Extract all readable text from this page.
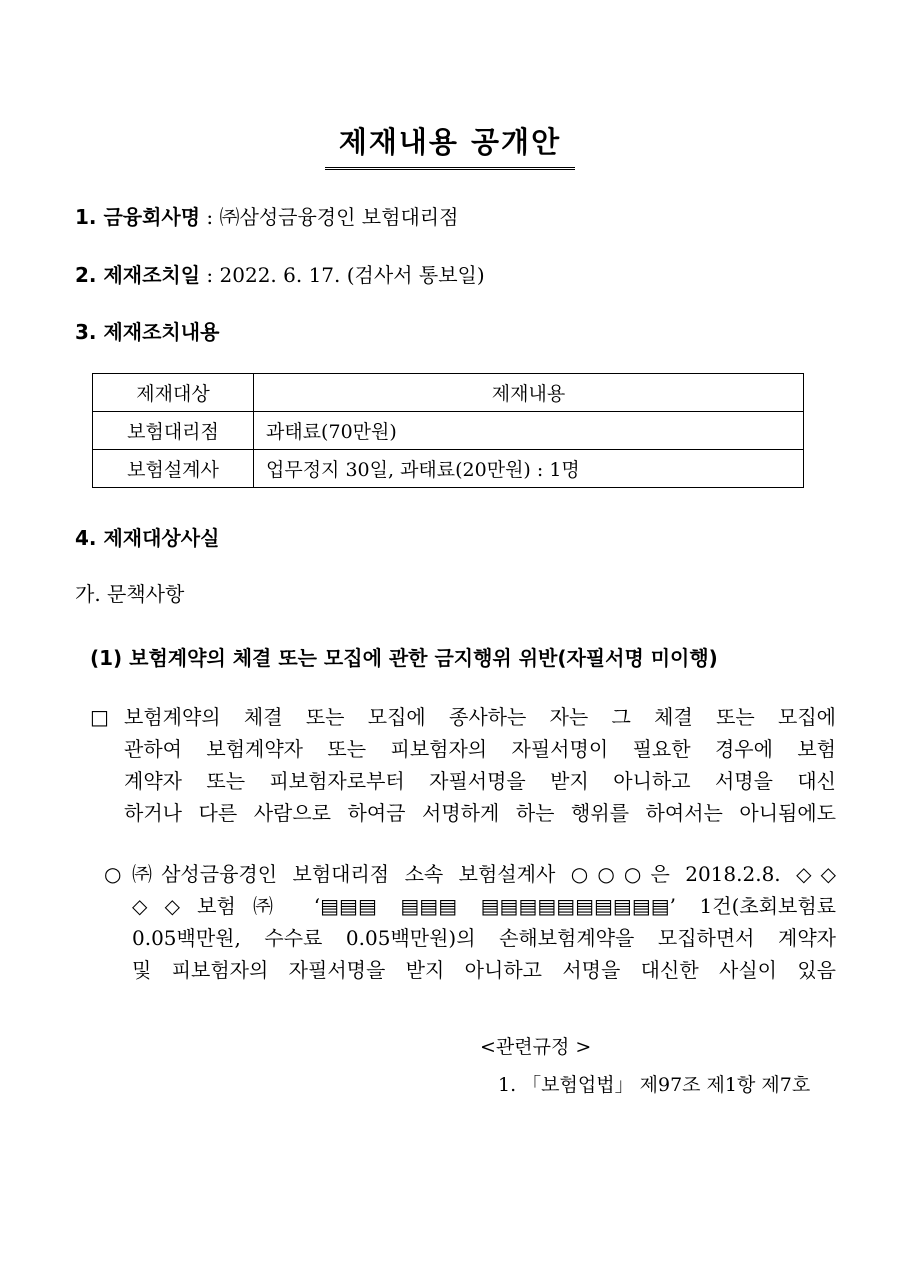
제재내용 공개안
1. 금융회사명 : ㈜삼성금융경인 보험대리점
2. 제재조치일 : 2022. 6. 17. (검사서 통보일)
3. 제재조치내용
제재대상	제재내용
보험대리점	과태료(70만원)
보험설계사	업무정지 30일, 과태료(20만원) : 1명
4. 제재대상사실
가. 문책사항
(1) 보험계약의 체결 또는 모집에 관한 금지행위 위반(자필서명 미이행)
□ 보험계약의 체결 또는 모집에 종사하는 자는 그 체결 또는 모집에
관하여 보험계약자 또는 피보험자의 자필서명이 필요한 경우에 보험
계약자 또는 피보험자로부터 자필서명을 받지 아니하고 서명을 대신
하거나 다른 사람으로 하여금 서명하게 하는 행위를 하여서는 아니됨에도
○ ㈜삼성금융경인 보험대리점 소속 보험설계사 ○○○은 2018.2.8. ◇◇
◇◇보험㈜ ‘▤▤▤ ▤▤▤ ▤▤▤▤▤▤▤▤▤▤’ 1건(초회보험료
0.05백만원, 수수료 0.05백만원)의 손해보험계약을 모집하면서 계약자
및 피보험자의 자필서명을 받지 아니하고 서명을 대신한 사실이 있음
<관련규정 >
1. 「보험업법」 제97조 제1항 제7호
